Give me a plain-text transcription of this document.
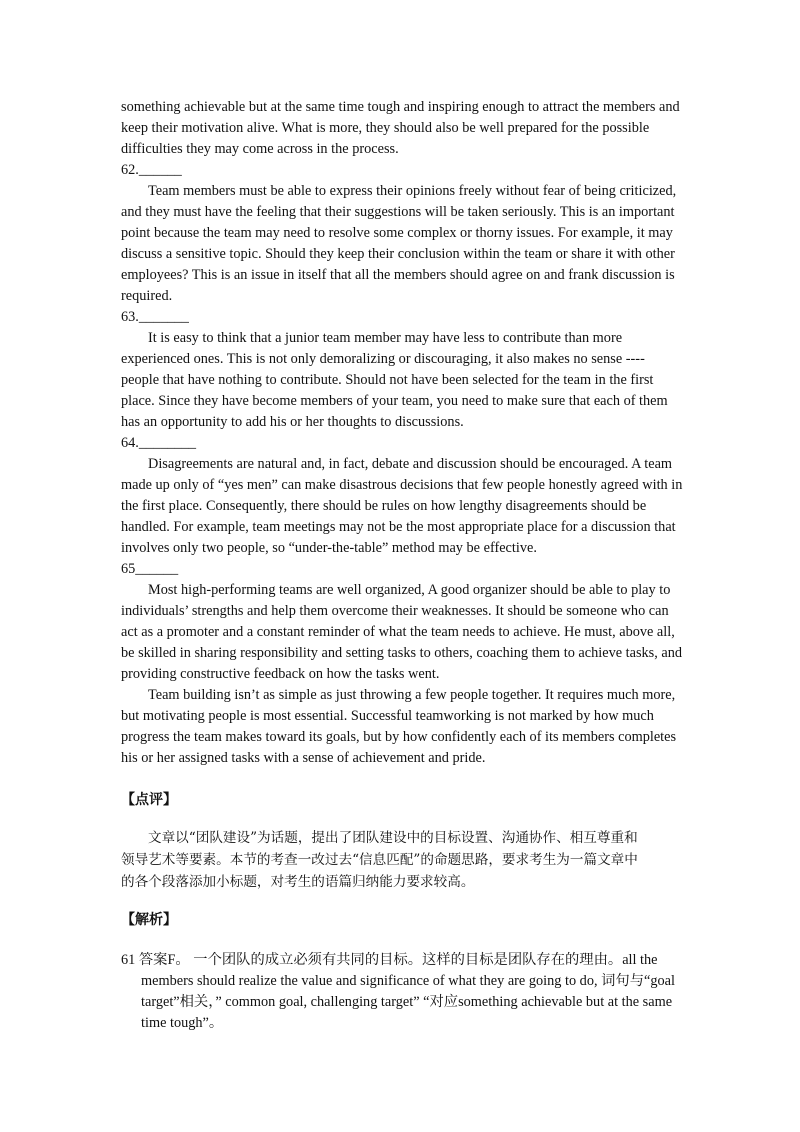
something achievable but at the same time tough and inspiring enough to attract the members and
keep their motivation alive. What is more, they should also be well prepared for the possible
difficulties they may come across in the process.
62.______
Team members must be able to express their opinions freely without fear of being criticized,
and they must have the feeling that their suggestions will be taken seriously. This is an important
point because the team may need to resolve some complex or thorny issues. For example, it may
discuss a sensitive topic. Should they keep their conclusion within the team or share it with other
employees? This is an issue in itself that all the members should agree on and frank discussion is
required.
63._______
It is easy to think that a junior team member may have less to contribute than more
experienced ones. This is not only demoralizing or discouraging, it also makes no sense ----
people that have nothing to contribute. Should not have been selected for the team in the first
place. Since they have become members of your team, you need to make sure that each of them
has an opportunity to add his or her thoughts to discussions.
64.________
Disagreements are natural and, in fact, debate and discussion should be encouraged. A team
made up only of “yes men” can make disastrous decisions that few people honestly agreed with in
the first place. Consequently, there should be rules on how lengthy disagreements should be
handled. For example, team meetings may not be the most appropriate place for a discussion that
involves only two people, so “under-the-table” method may be effective.
65______
Most high-performing teams are well organized, A good organizer should be able to play to
individuals’ strengths and help them overcome their weaknesses. It should be someone who can
act as a promoter and a constant reminder of what the team needs to achieve. He must, above all,
be skilled in sharing responsibility and setting tasks to others, coaching them to achieve tasks, and
providing constructive feedback on how the tasks went.
Team building isn’t as simple as just throwing a few people together. It requires much more,
but motivating people is most essential. Successful teamworking is not marked by how much
progress the team makes toward its goals, but by how confidently each of its members completes
his or her assigned tasks with a sense of achievement and pride.
【点评】
文章以“团队建设”为话题，提出了团队建设中的目标设置、沟通协作、相互尊重和
领导艺术等要素。本节的考查一改过去“信息匹配”的命题思路，要求考生为一篇文章中
的各个段落添加小标题，对考生的语篇归纳能力要求较高。
【解析】
61 答案F。 一个团队的成立必须有共同的目标。这样的目标是团队存在的理由。all the
members should realize the value and significance of what they are going to do, 词句与“goal
target”相关，” common goal, challenging target” “对应something achievable but at the same
time tough”。
